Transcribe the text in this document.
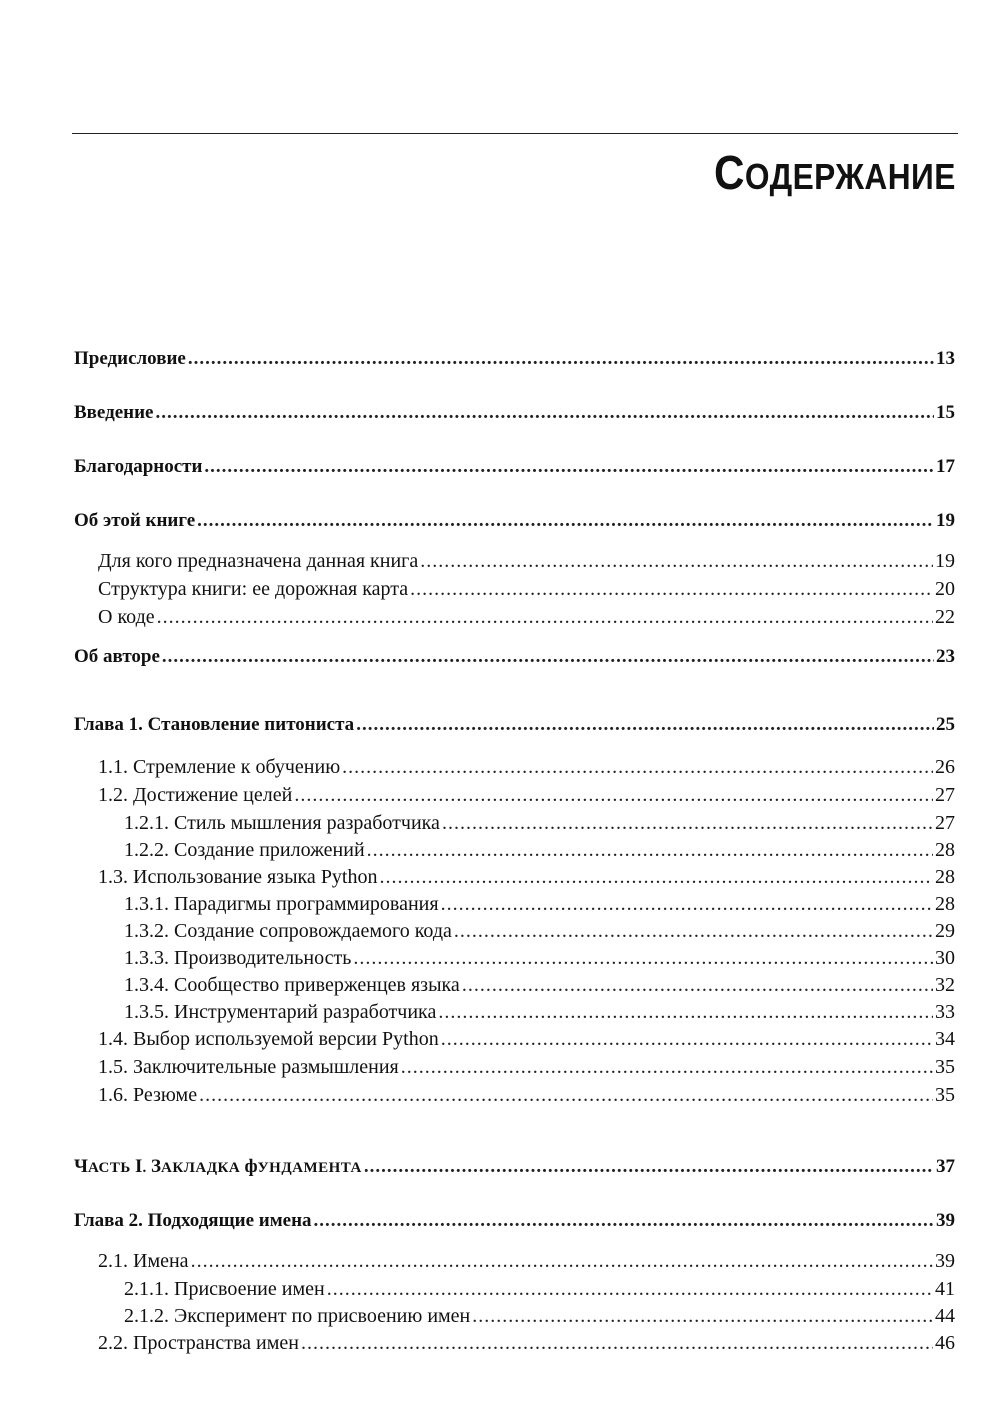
СОДЕРЖАНИЕ
Предисловие .....	13
Введение .....	15
Благодарности .....	17
Об этой книге .....	19
Для кого предназначена данная книга .....	19
Структура книги: ее дорожная карта .....	20
О коде .....	22
Об авторе .....	23
Глава 1. Становление питониста .....	25
1.1. Стремление к обучению .....	26
1.2. Достижение целей .....	27
1.2.1. Стиль мышления разработчика .....	27
1.2.2. Создание приложений .....	28
1.3. Использование языка Python .....	28
1.3.1. Парадигмы программирования .....	28
1.3.2. Создание сопровождаемого кода .....	29
1.3.3. Производительность .....	30
1.3.4. Сообщество приверженцев языка .....	32
1.3.5. Инструментарий разработчика .....	33
1.4. Выбор используемой версии Python .....	34
1.5. Заключительные размышления .....	35
1.6. Резюме .....	35
ЧАСТЬ I. ЗАКЛАДКА фУНДАМЕНТА .....	37
Глава 2. Подходящие имена .....	39
2.1. Имена .....	39
2.1.1. Присвоение имен .....	41
2.1.2. Эксперимент по присвоению имен .....	44
2.2. Пространства имен .....	46
